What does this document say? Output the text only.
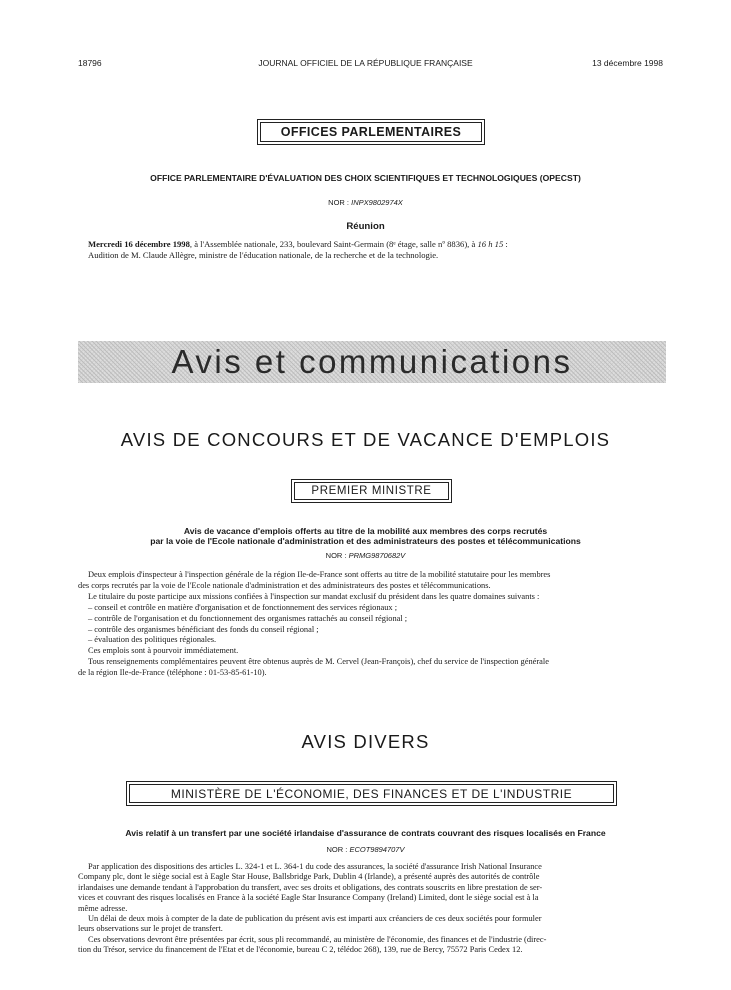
18796	JOURNAL OFFICIEL DE LA RÉPUBLIQUE FRANÇAISE	13 décembre 1998
OFFICES PARLEMENTAIRES
OFFICE PARLEMENTAIRE D'ÉVALUATION DES CHOIX SCIENTIFIQUES ET TECHNOLOGIQUES (OPECST)
NOR : INPX9802974X
Réunion
Mercredi 16 décembre 1998, à l'Assemblée nationale, 233, boulevard Saint-Germain (8ᵉ étage, salle nº 8836), à 16 h 15 :
Audition de M. Claude Allègre, ministre de l'éducation nationale, de la recherche et de la technologie.
Avis et communications
AVIS DE CONCOURS ET DE VACANCE D'EMPLOIS
PREMIER MINISTRE
Avis de vacance d'emplois offerts au titre de la mobilité aux membres des corps recrutés
par la voie de l'Ecole nationale d'administration et des administrateurs des postes et télécommunications
NOR : PRMG9870682V
Deux emplois d'inspecteur à l'inspection générale de la région Ile-de-France sont offerts au titre de la mobilité statutaire pour les membres
des corps recrutés par la voie de l'Ecole nationale d'administration et des administrateurs des postes et télécommunications.
Le titulaire du poste participe aux missions confiées à l'inspection sur mandat exclusif du président dans les quatre domaines suivants :
– conseil et contrôle en matière d'organisation et de fonctionnement des services régionaux ;
– contrôle de l'organisation et du fonctionnement des organismes rattachés au conseil régional ;
– contrôle des organismes bénéficiant des fonds du conseil régional ;
– évaluation des politiques régionales.
Ces emplois sont à pourvoir immédiatement.
Tous renseignements complémentaires peuvent être obtenus auprès de M. Cervel (Jean-François), chef du service de l'inspection générale
de la région Ile-de-France (téléphone : 01-53-85-61-10).
AVIS DIVERS
MINISTÈRE DE L'ÉCONOMIE, DES FINANCES ET DE L'INDUSTRIE
Avis relatif à un transfert par une société irlandaise d'assurance de contrats couvrant des risques localisés en France
NOR : ECOT9894707V
Par application des dispositions des articles L. 324-1 et L. 364-1 du code des assurances, la société d'assurance Irish National Insurance
Company plc, dont le siège social est à Eagle Star House, Ballsbridge Park, Dublin 4 (Irlande), a présenté auprès des autorités de contrôle
irlandaises une demande tendant à l'approbation du transfert, avec ses droits et obligations, des contrats souscrits en libre prestation de ser-
vices et couvrant des risques localisés en France à la société Eagle Star Insurance Company (Ireland) Limited, dont le siège social est à la
même adresse.
Un délai de deux mois à compter de la date de publication du présent avis est imparti aux créanciers de ces deux sociétés pour formuler
leurs observations sur le projet de transfert.
Ces observations devront être présentées par écrit, sous pli recommandé, au ministère de l'économie, des finances et de l'industrie (direc-
tion du Trésor, service du financement de l'Etat et de l'économie, bureau C 2, télédoc 268), 139, rue de Bercy, 75572 Paris Cedex 12.
